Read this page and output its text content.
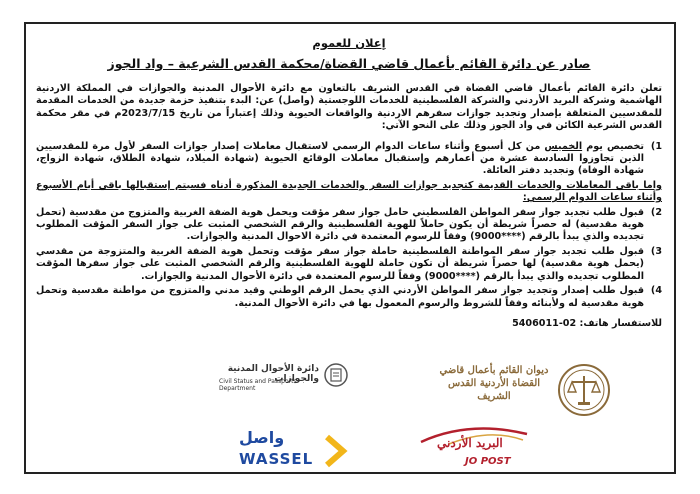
إعلان للعموم
صادر عن دائرة القائم بأعمال قاضي القضاة/محكمة القدس الشرعية – واد الجوز

تعلن دائرة القائم بأعمال قاضي القضاة في القدس الشريف بالتعاون مع دائرة الأحوال المدنية والجوازات في المملكة الاردنية الهاشمية وشركة البريد الأردني والشركة الفلسطينية للخدمات اللوجستية (واصل) عن: البدء بتنفيذ حزمة جديدة من الخدمات المقدمة للمقدسيين المتعلقة بإصدار وتجديد جوازات سفرهم الاردنية والواقعات الحيوية وذلك إعتباراً من تاريخ 2023/7/15م في مقر محكمة القدس الشرعية الكائن في واد الجوز وذلك على النحو الآتي:

1)
تخصيص يوم الخميس من كل أسبوع وأثناء ساعات الدوام الرسمي لاستقبال معاملات إصدار جوازات السفر لأول مرة للمقدسيين الذين تجاوزوا السادسة عشرة من أعمارهم وإستقبال معاملات الوقائع الحيوية (شهادة الميلاد، شهادة الطلاق، شهادة الزواج، شهادة الوفاة) وتجديد دفتر العائلة.
واما باقي المعاملات والخدمات القديمة كتجديد جوازات السفر والخدمات الجديدة المذكورة أدناه فسيتم إستقبالها باقي أيام الأسبوع وأثناء ساعات الدوام الرسمي:
2)
قبول طلب تجديد جواز سفر المواطن الفلسطيني حامل جواز سفر مؤقت ويحمل هوية الضفة الغربية والمتزوج من مقدسية (تحمل هوية مقدسية) له حصراً شريطة أن يكون حاملاً للهوية الفلسطينية والرقم الشخصي المثبت على جواز السفر المؤقت المطلوب تجديده والذي يبدأ بالرقم (****9000) وفقاً للرسوم المعتمدة في دائرة الاحوال المدنية والجوازات.
3)
قبول طلب تجديد جواز سفر المواطنة الفلسطينية حاملة جواز سفر مؤقت وتحمل هوية الضفة الغربية والمتزوجة من مقدسي (يحمل هوية مقدسية) لها حصراً شريطة أن تكون حاملة للهوية الفلسطينية والرقم الشخصي المثبت على جواز سفرها المؤقت المطلوب تجديده والذي يبدأ بالرقم (****9000) وفقاً للرسوم المعتمدة في دائرة الأحوال المدنية والجوازات.
4)
قبول طلب إصدار وتجديد جواز سفر المواطن الأردني الذي يحمل الرقم الوطني وقيد مدني والمتزوج من مواطنة مقدسية وتحمل هوية مقدسية له ولأبنائه وفقاً للشروط والرسوم المعمول بها في دائرة الأحوال المدنية.
للاستفسار هاتف: 02-5406011
دائرة الأحوال المدنية والجوازات
Civil Status and Passports Department
ديوان القائم بأعمال قاضي القضاة الأردنية القدس الشريف
واصل
WASSEL
البريد الأردني
JO POST
